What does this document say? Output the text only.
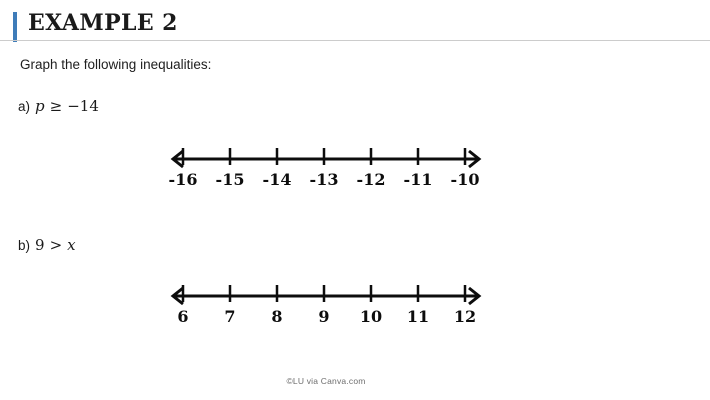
EXAMPLE 2
Graph the following inequalities:
a) p ≥ −14
-16 -15 -14 -13 -12 -11 -10
b) 9 > x
6 7 8 9 10 11 12
©LU via Canva.com
